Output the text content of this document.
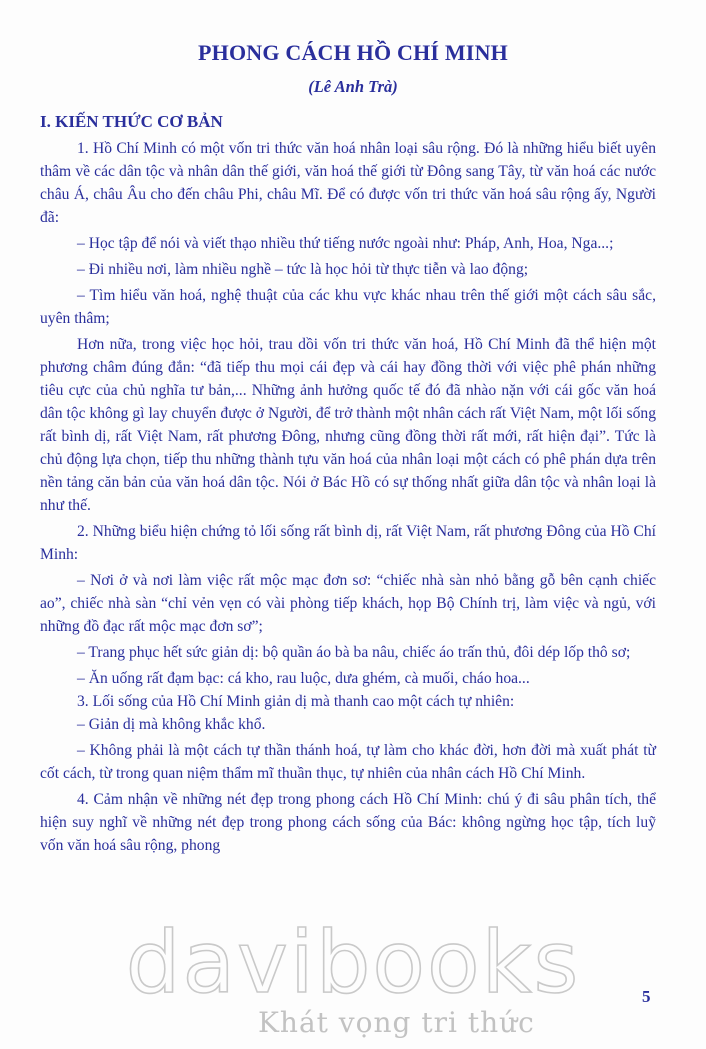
PHONG CÁCH HỒ CHÍ MINH
(Lê Anh Trà)
I. KIẾN THỨC CƠ BẢN

1. Hồ Chí Minh có một vốn tri thức văn hoá nhân loại sâu rộng. Đó là những hiểu biết uyên thâm về các dân tộc và nhân dân thế giới, văn hoá thế giới từ Đông sang Tây, từ văn hoá các nước châu Á, châu Âu cho đến châu Phi, châu Mĩ. Để có được vốn tri thức văn hoá sâu rộng ấy, Người đã:

– Học tập để nói và viết thạo nhiều thứ tiếng nước ngoài như: Pháp, Anh, Hoa, Nga...;

– Đi nhiều nơi, làm nhiều nghề – tức là học hỏi từ thực tiễn và lao động;

– Tìm hiểu văn hoá, nghệ thuật của các khu vực khác nhau trên thế giới một cách sâu sắc, uyên thâm;

Hơn nữa, trong việc học hỏi, trau dồi vốn tri thức văn hoá, Hồ Chí Minh đã thể hiện một phương châm đúng đắn: “đã tiếp thu mọi cái đẹp và cái hay đồng thời với việc phê phán những tiêu cực của chủ nghĩa tư bản,... Những ảnh hưởng quốc tế đó đã nhào nặn với cái gốc văn hoá dân tộc không gì lay chuyển được ở Người, để trở thành một nhân cách rất Việt Nam, một lối sống rất bình dị, rất Việt Nam, rất phương Đông, nhưng cũng đồng thời rất mới, rất hiện đại”. Tức là chủ động lựa chọn, tiếp thu những thành tựu văn hoá của nhân loại một cách có phê phán dựa trên nền tảng căn bản của văn hoá dân tộc. Nói ở Bác Hồ có sự thống nhất giữa dân tộc và nhân loại là như thế.

2. Những biểu hiện chứng tỏ lối sống rất bình dị, rất Việt Nam, rất phương Đông của Hồ Chí Minh:

– Nơi ở và nơi làm việc rất mộc mạc đơn sơ: “chiếc nhà sàn nhỏ bằng gỗ bên cạnh chiếc ao”, chiếc nhà sàn “chỉ vẻn vẹn có vài phòng tiếp khách, họp Bộ Chính trị, làm việc và ngủ, với những đồ đạc rất mộc mạc đơn sơ”;

– Trang phục hết sức giản dị: bộ quần áo bà ba nâu, chiếc áo trấn thủ, đôi dép lốp thô sơ;

– Ăn uống rất đạm bạc: cá kho, rau luộc, dưa ghém, cà muối, cháo hoa...

3. Lối sống của Hồ Chí Minh giản dị mà thanh cao một cách tự nhiên:

– Giản dị mà không khắc khổ.

– Không phải là một cách tự thần thánh hoá, tự làm cho khác đời, hơn đời mà xuất phát từ cốt cách, từ trong quan niệm thẩm mĩ thuần thục, tự nhiên của nhân cách Hồ Chí Minh.

4. Cảm nhận về những nét đẹp trong phong cách Hồ Chí Minh: chú ý đi sâu phân tích, thể hiện suy nghĩ về những nét đẹp trong phong cách sống của Bác: không ngừng học tập, tích luỹ vốn văn hoá sâu rộng, phong

davibooks
Khát vọng tri thức
5
